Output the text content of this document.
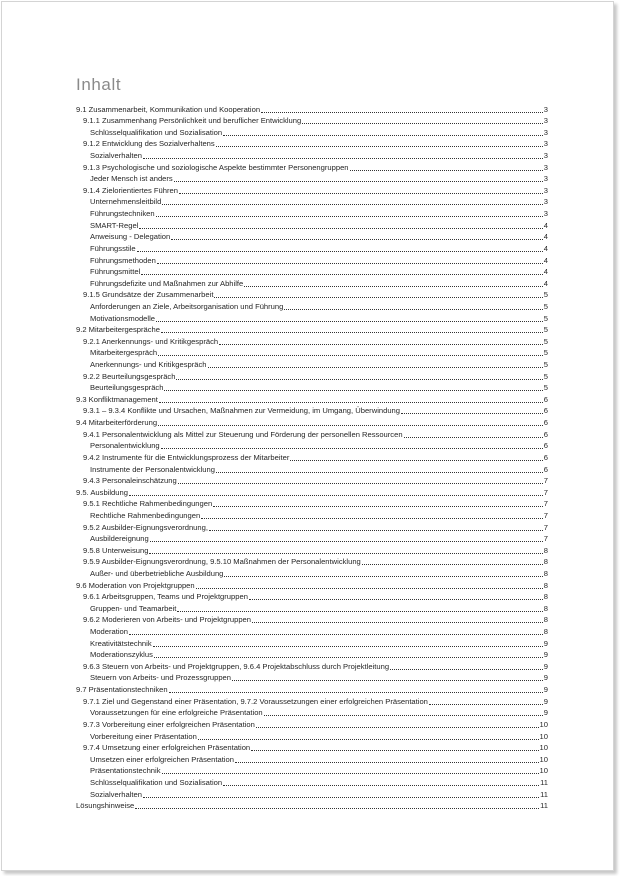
Inhalt
9.1 Zusammenarbeit, Kommunikation und Kooperation	3
9.1.1 Zusammenhang Persönlichkeit und beruflicher Entwicklung	3
Schlüsselqualifikation und Sozialisation	3
9.1.2 Entwicklung des Sozialverhaltens	3
Sozialverhalten	3
9.1.3 Psychologische und soziologische Aspekte bestimmter Personengruppen	3
Jeder Mensch ist anders	3
9.1.4 Zielorientiertes Führen	3
Unternehmensleitbild	3
Führungstechniken	3
SMART-Regel	4
Anweisung - Delegation	4
Führungsstile	4
Führungsmethoden	4
Führungsmittel	4
Führungsdefizite und Maßnahmen zur Abhilfe	4
9.1.5 Grundsätze der Zusammenarbeit	5
Anforderungen an Ziele, Arbeitsorganisation und Führung	5
Motivationsmodelle	5
9.2 Mitarbeitergespräche	5
9.2.1 Anerkennungs- und Kritikgespräch	5
Mitarbeitergespräch	5
Anerkennungs- und Kritikgespräch	5
9.2.2 Beurteilungsgespräch	5
Beurteilungsgespräch	5
9.3 Konfliktmanagement	6
9.3.1 – 9.3.4 Konflikte und Ursachen, Maßnahmen zur Vermeidung, im Umgang, Überwindung	6
9.4 Mitarbeiterförderung	6
9.4.1 Personalentwicklung als Mittel zur Steuerung und Förderung der personellen Ressourcen	6
Personalentwicklung	6
9.4.2 Instrumente für die Entwicklungsprozess der Mitarbeiter	6
Instrumente der Personalentwicklung	6
9.4.3 Personaleinschätzung	7
9.5. Ausbildung	7
9.5.1 Rechtliche Rahmenbedingungen	7
Rechtliche Rahmenbedingungen	7
9.5.2 Ausbilder-Eignungsverordnung,	7
Ausbildereignung	7
9.5.8 Unterweisung	8
9.5.9 Ausbilder-Eignungsverordnung, 9.5.10 Maßnahmen der Personalentwicklung	8
Außer- und überbetriebliche Ausbildung	8
9.6 Moderation von Projektgruppen	8
9.6.1 Arbeitsgruppen, Teams und Projektgruppen	8
Gruppen- und Teamarbeit	8
9.6.2 Moderieren von Arbeits- und Projektgruppen	8
Moderation	8
Kreativitätstechnik	9
Moderationszyklus	9
9.6.3 Steuern von Arbeits- und Projektgruppen, 9.6.4 Projektabschluss durch Projektleitung	9
Steuern von Arbeits- und Prozessgruppen	9
9.7 Präsentationstechniken	9
9.7.1 Ziel und Gegenstand einer Präsentation, 9.7.2 Voraussetzungen einer erfolgreichen Präsentation	9
Voraussetzungen für eine erfolgreiche Präsentation	9
9.7.3 Vorbereitung einer erfolgreichen Präsentation	10
Vorbereitung einer Präsentation	10
9.7.4 Umsetzung einer erfolgreichen Präsentation	10
Umsetzen einer erfolgreichen Präsentation	10
Präsentationstechnik	10
Schlüsselqualifikation und Sozialisation	11
Sozialverhalten	11
Lösungshinweise	11
